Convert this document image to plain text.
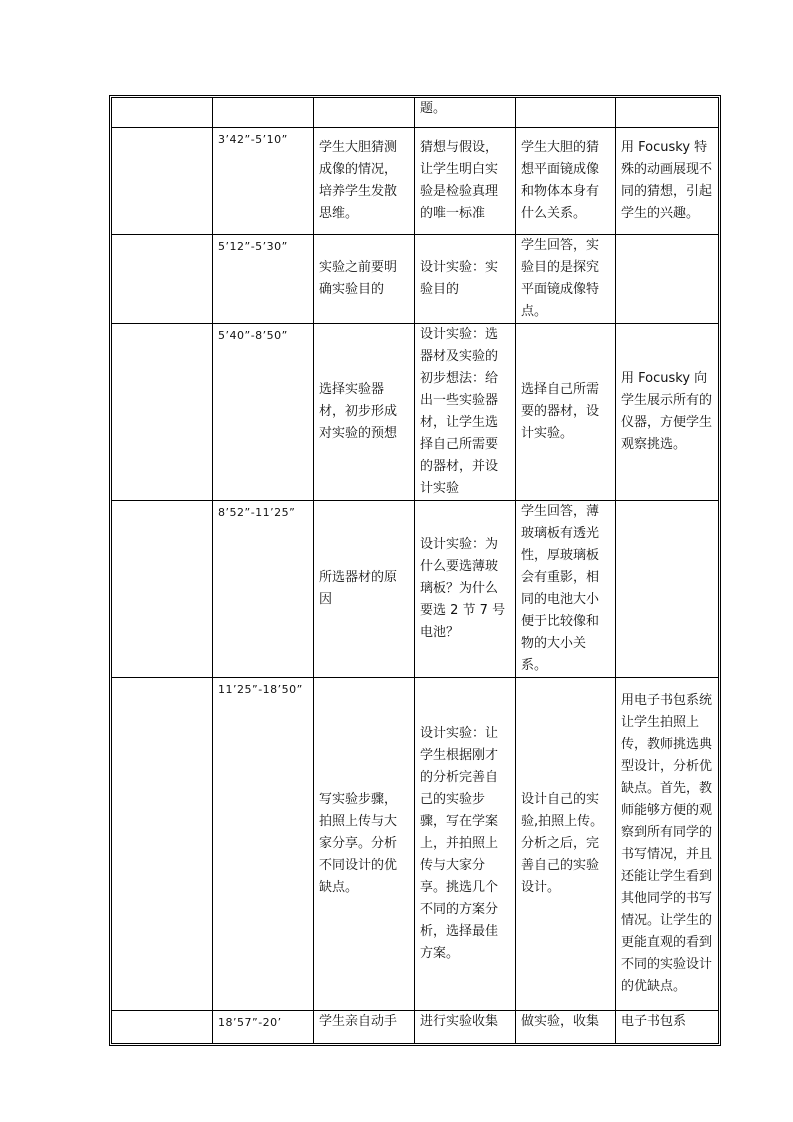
			题。		
	3’42”-5’10”	学生大胆猜测成像的情况，培养学生发散思维。	猜想与假设，让学生明白实验是检验真理的唯一标准	学生大胆的猜想平面镜成像和物体本身有什么关系。	用 Focusky 特殊的动画展现不同的猜想，引起学生的兴趣。
	5’12”-5’30”	实验之前要明确实验目的	设计实验：实验目的	学生回答，实验目的是探究平面镜成像特点。	
	5’40”-8’50”	选择实验器材，初步形成对实验的预想	设计实验：选器材及实验的初步想法：给出一些实验器材，让学生选择自己所需要的器材，并设计实验	选择自己所需要的器材，设计实验。	用 Focusky 向学生展示所有的仪器，方便学生观察挑选。
	8’52”-11’25”	所选器材的原因	设计实验：为什么要选薄玻璃板？为什么要选 2 节 7 号电池？	学生回答，薄玻璃板有透光性，厚玻璃板会有重影，相同的电池大小便于比较像和物的大小关系。	
	11’25”-18’50”	写实验步骤，拍照上传与大家分享。分析不同设计的优缺点。	设计实验：让学生根据刚才的分析完善自己的实验步骤，写在学案上，并拍照上传与大家分享。挑选几个不同的方案分析，选择最佳方案。	设计自己的实验,拍照上传。分析之后，完善自己的实验设计。	用电子书包系统让学生拍照上传，教师挑选典型设计，分析优缺点。首先，教师能够方便的观察到所有同学的书写情况，并且还能让学生看到其他同学的书写情况。让学生的更能直观的看到不同的实验设计的优缺点。
	18’57”-20’	学生亲自动手	进行实验收集	做实验，收集	电子书包系
